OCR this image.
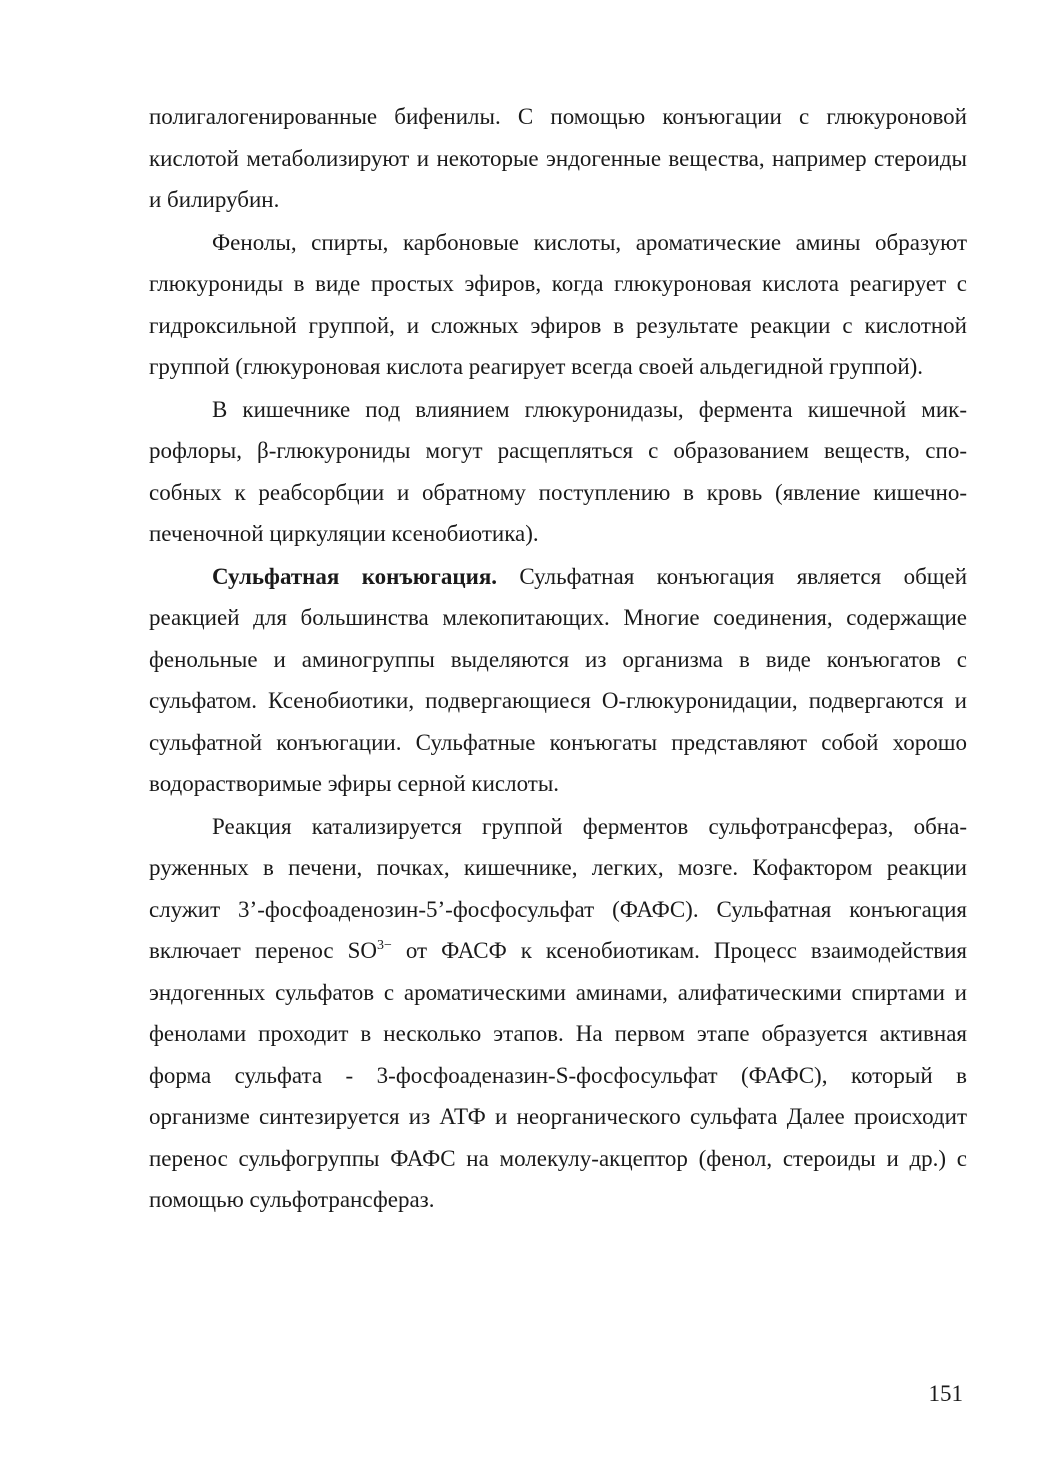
полигалогенированные бифенилы. С помощью конъюгации с глюкуроновой кислотой метаболизируют и некоторые эндогенные вещества, например стероиды и билирубин.

Фенолы, спирты, карбоновые кислоты, ароматические амины образуют глюкурониды в виде простых эфиров, когда глюкуроновая кислота реагирует с гидроксильной группой, и сложных эфиров в результате реакции с кислотной группой (глюкуроновая кислота реагирует всегда своей альдегидной группой).

В кишечнике под влиянием глюкуронидазы, фермента кишечной микрофлоры, β-глюкурониды могут расщепляться с образованием веществ, способных к реабсорбции и обратному поступлению в кровь (явление кишечно-печеночной циркуляции ксенобиотика).

Сульфатная конъюгация. Сульфатная конъюгация является общей реакцией для большинства млекопитающих. Многие соединения, содержащие фенольные и аминогруппы выделяются из организма в виде конъюгатов с сульфатом. Ксенобиотики, подвергающиеся О-глюкуронидации, подвергаются и сульфатной конъюгации. Сульфатные конъюгаты представляют собой хорошо водорастворимые эфиры серной кислоты.

Реакция катализируется группой ферментов сульфотрансфераз, обнаруженных в печени, почках, кишечнике, легких, мозге. Кофактором реакции служит 3’-фосфоаденозин-5’-фосфосульфат (ФАФС). Сульфатная конъюгация включает перенос $SO^{3-}$ от ФАСФ к ксенобиотикам. Процесс взаимодействия эндогенных сульфатов с ароматическими аминами, алифатическими спиртами и фенолами проходит в несколько этапов. На первом этапе образуется активная форма сульфата - 3-фосфоаденазин-S-фосфосульфат (ФАФС), который в организме синтезируется из АТФ и неорганического сульфата Далее происходит перенос сульфогруппы ФАФС на молекулу-акцептор (фенол, стероиды и др.) с помощью сульфотрансфераз.

151
